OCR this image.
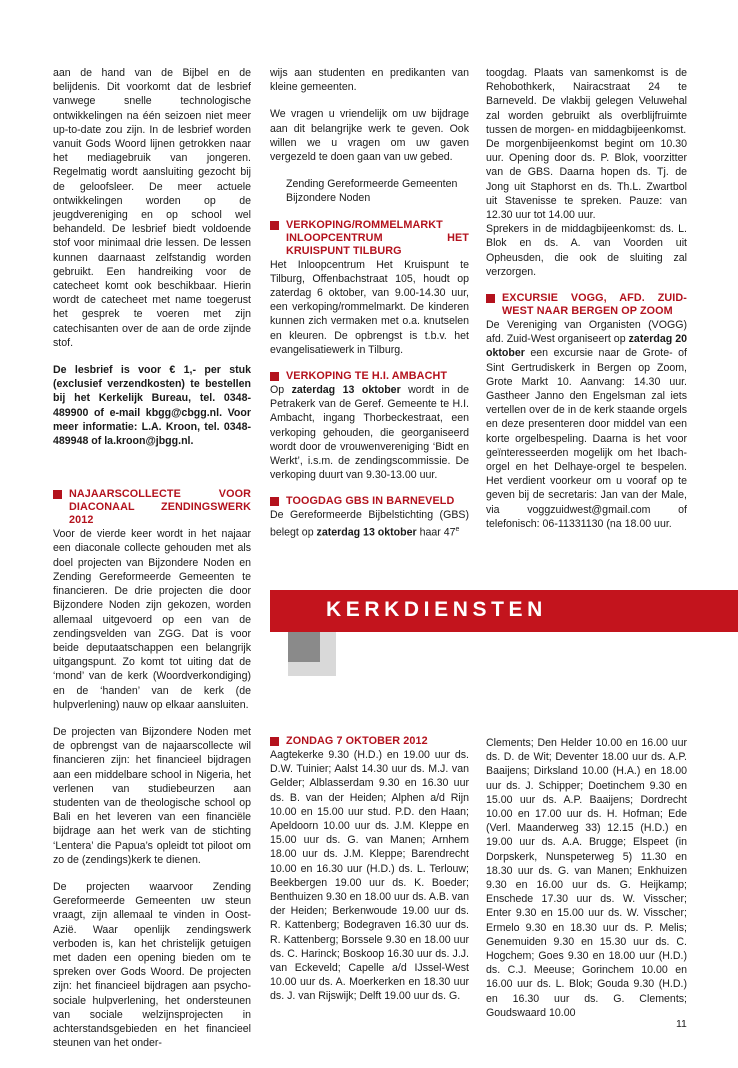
aan de hand van de Bijbel en de belijdenis. Dit voorkomt dat de lesbrief vanwege snelle technologische ontwikkelingen na één seizoen niet meer up-to-date zou zijn. In de lesbrief worden vanuit Gods Woord lijnen getrokken naar het mediagebruik van jongeren. Regelmatig wordt aansluiting gezocht bij de geloofsleer. De meer actuele ontwikkelingen worden op de jeugdvereniging en op school wel behandeld. De lesbrief biedt voldoende stof voor minimaal drie lessen. De lessen kunnen daarnaast zelfstandig worden gebruikt. Een handreiking voor de catecheet komt ook beschikbaar. Hierin wordt de catecheet met name toegerust het gesprek te voeren met zijn catechisanten over de aan de orde zijnde stof.

De lesbrief is voor € 1,- per stuk (exclusief verzendkosten) te bestellen bij het Kerkelijk Bureau, tel. 0348-489900 of e-mail kbgg@cbgg.nl. Voor meer informatie: L.A. Kroon, tel. 0348-489948 of la.kroon@jbgg.nl.

NAJAARSCOLLECTE VOOR DIACONAAL ZENDINGSWERK 2012

Voor de vierde keer wordt in het najaar een diaconale collecte gehouden met als doel projecten van Bijzondere Noden en Zending Gereformeerde Gemeenten te financieren. De drie projecten die door Bijzondere Noden zijn gekozen, worden allemaal uitgevoerd op een van de zendingsvelden van ZGG. Dat is voor beide deputaatschappen een belangrijk uitgangspunt. Zo komt tot uiting dat de ‘mond’ van de kerk (Woordverkondiging) en de ‘handen’ van de kerk (de hulpverlening) nauw op elkaar aansluiten.

De projecten van Bijzondere Noden met de opbrengst van de najaarscollecte wil financieren zijn: het financieel bijdragen aan een middelbare school in Nigeria, het verlenen van studiebeurzen aan studenten van de theologische school op Bali en het leveren van een financiële bijdrage aan het werk van de stichting ‘Lentera’ die Papua’s opleidt tot piloot om zo de (zendings)kerk te dienen.

De projecten waarvoor Zending Gereformeerde Gemeenten uw steun vraagt, zijn allemaal te vinden in Oost-Azië. Waar openlijk zendingswerk verboden is, kan het christelijk getuigen met daden een opening bieden om te spreken over Gods Woord. De projecten zijn: het financieel bijdragen aan psycho-sociale hulpverlening, het ondersteunen van sociale welzijnsprojecten in achterstandsgebieden en het financieel steunen van het onder-

wijs aan studenten en predikanten van kleine gemeenten.

We vragen u vriendelijk om uw bijdrage aan dit belangrijke werk te geven. Ook willen we u vragen om uw gaven vergezeld te doen gaan van uw gebed.

Zending Gereformeerde Gemeenten
Bijzondere Noden
VERKOPING/ROMMELMARKT INLOOPCENTRUM HET KRUISPUNT TILBURG

Het Inloopcentrum Het Kruispunt te Tilburg, Offenbachstraat 105, houdt op zaterdag 6 oktober, van 9.00-14.30 uur, een verkoping/rommelmarkt. De kinderen kunnen zich vermaken met o.a. knutselen en kleuren. De opbrengst is t.b.v. het evangelisatiewerk in Tilburg.

VERKOPING TE H.I. AMBACHT

Op zaterdag 13 oktober wordt in de Petrakerk van de Geref. Gemeente te H.I. Ambacht, ingang Thorbeckestraat, een verkoping gehouden, die georganiseerd wordt door de vrouwenvereniging ‘Bidt en Werkt’, i.s.m. de zendingscommissie. De verkoping duurt van 9.30-13.00 uur.

TOOGDAG GBS IN BARNEVELD

De Gereformeerde Bijbelstichting (GBS) belegt op zaterdag 13 oktober haar 47e

toogdag. Plaats van samenkomst is de Rehobothkerk, Nairacstraat 24 te Barneveld. De vlakbij gelegen Veluwehal zal worden gebruikt als overblijfruimte tussen de morgen- en middagbijeenkomst.

De morgenbijeenkomst begint om 10.30 uur. Opening door ds. P. Blok, voorzitter van de GBS. Daarna hopen ds. Tj. de Jong uit Staphorst en ds. Th.L. Zwartbol uit Stavenisse te spreken. Pauze: van 12.30 uur tot 14.00 uur.

Sprekers in de middagbijeenkomst: ds. L. Blok en ds. A. van Voorden uit Opheusden, die ook de sluiting zal verzorgen.

EXCURSIE VOGG, AFD. ZUID-WEST NAAR BERGEN OP ZOOM

De Vereniging van Organisten (VOGG) afd. Zuid-West organiseert op zaterdag 20 oktober een excursie naar de Grote- of Sint Gertrudiskerk in Bergen op Zoom, Grote Markt 10. Aanvang: 14.30 uur. Gastheer Janno den Engelsman zal iets vertellen over de in de kerk staande orgels en deze presenteren door middel van een korte orgelbespeling. Daarna is het voor geïnteresseerden mogelijk om het Ibach-orgel en het Delhaye-orgel te bespelen. Het verdient voorkeur om u vooraf op te geven bij de secretaris: Jan van der Male, via voggzuidwest@gmail.com of telefonisch: 06-11331130 (na 18.00 uur.

KERKDIENSTEN
ZONDAG 7 OKTOBER 2012

Aagtekerke 9.30 (H.D.) en 19.00 uur ds. D.W. Tuinier; Aalst 14.30 uur ds. M.J. van Gelder; Alblasserdam 9.30 en 16.30 uur ds. B. van der Heiden; Alphen a/d Rijn 10.00 en 15.00 uur stud. P.D. den Haan; Apeldoorn 10.00 uur ds. J.M. Kleppe en 15.00 uur ds. G. van Manen; Arnhem 18.00 uur ds. J.M. Kleppe; Barendrecht 10.00 en 16.30 uur (H.D.) ds. L. Terlouw; Beekbergen 19.00 uur ds. K. Boeder; Benthuizen 9.30 en 18.00 uur ds. A.B. van der Heiden; Berkenwoude 19.00 uur ds. R. Kattenberg; Bodegraven 16.30 uur ds. R. Kattenberg; Borssele 9.30 en 18.00 uur ds. C. Harinck; Boskoop 16.30 uur ds. J.J. van Eckeveld; Capelle a/d IJssel-West 10.00 uur ds. A. Moerkerken en 18.30 uur ds. J. van Rijswijk; Delft 19.00 uur ds. G.

Clements; Den Helder 10.00 en 16.00 uur ds. D. de Wit; Deventer 18.00 uur ds. A.P. Baaijens; Dirksland 10.00 (H.A.) en 18.00 uur ds. J. Schipper; Doetinchem 9.30 en 15.00 uur ds. A.P. Baaijens; Dordrecht 10.00 en 17.00 uur ds. H. Hofman; Ede (Verl. Maanderweg 33) 12.15 (H.D.) en 19.00 uur ds. A.A. Brugge; Elspeet (in Dorpskerk, Nunspeterweg 5) 11.30 en 18.30 uur ds. G. van Manen; Enkhuizen 9.30 en 16.00 uur ds. G. Heijkamp; Enschede 17.30 uur ds. W. Visscher; Enter 9.30 en 15.00 uur ds. W. Visscher; Ermelo 9.30 en 18.30 uur ds. P. Melis; Genemuiden 9.30 en 15.30 uur ds. C. Hogchem; Goes 9.30 en 18.00 uur (H.D.) ds. C.J. Meeuse; Gorinchem 10.00 en 16.00 uur ds. L. Blok; Gouda 9.30 (H.D.) en 16.30 uur ds. G. Clements; Goudswaard 10.00

11
